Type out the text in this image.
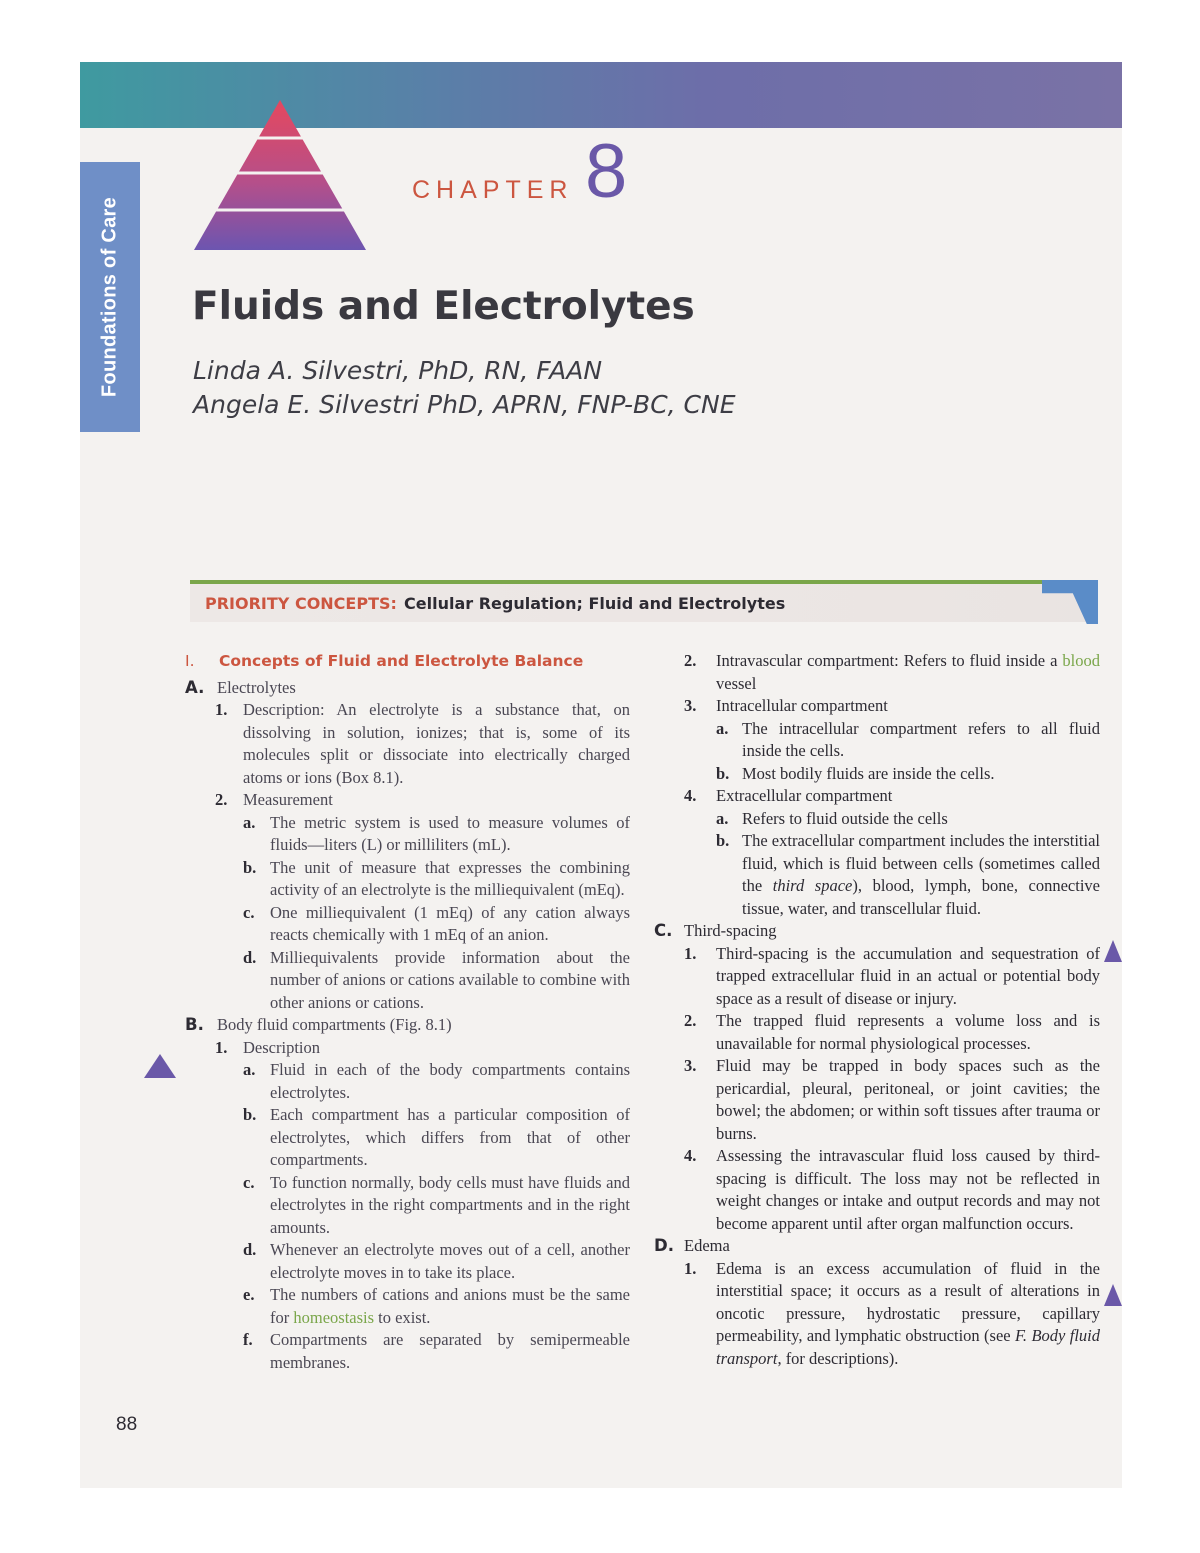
Foundations of Care
CHAPTER 8
Fluids and Electrolytes
Linda A. Silvestri, PhD, RN, FAAN
Angela E. Silvestri PhD, APRN, FNP-BC, CNE
PRIORITY CONCEPTS: Cellular Regulation; Fluid and Electrolytes
I.	Concepts of Fluid and Electrolyte Balance
A. Electrolytes
1. Description: An electrolyte is a substance that, on dissolving in solution, ionizes; that is, some of its molecules split or dissociate into electrically charged atoms or ions (Box 8.1).
2. Measurement
a. The metric system is used to measure volumes of fluids—liters (L) or milliliters (mL).
b. The unit of measure that expresses the combining activity of an electrolyte is the milliequivalent (mEq).
c. One milliequivalent (1 mEq) of any cation always reacts chemically with 1 mEq of an anion.
d. Milliequivalents provide information about the number of anions or cations available to combine with other anions or cations.
B. Body fluid compartments (Fig. 8.1)
1. Description
a. Fluid in each of the body compartments contains electrolytes.
b. Each compartment has a particular composition of electrolytes, which differs from that of other compartments.
c. To function normally, body cells must have fluids and electrolytes in the right compartments and in the right amounts.
d. Whenever an electrolyte moves out of a cell, another electrolyte moves in to take its place.
e. The numbers of cations and anions must be the same for homeostasis to exist.
f.	Compartments are separated by semipermeable membranes.
2.	Intravascular compartment: Refers to fluid inside a blood vessel
3.	Intracellular compartment
a. The intracellular compartment refers to all fluid inside the cells.
b. Most bodily fluids are inside the cells.
4.	Extracellular compartment
a. Refers to fluid outside the cells
b. The extracellular compartment includes the interstitial fluid, which is fluid between cells (sometimes called the third space), blood, lymph, bone, connective tissue, water, and transcellular fluid.
C. Third-spacing
1.	Third-spacing is the accumulation and sequestration of trapped extracellular fluid in an actual or potential body space as a result of disease or injury.
2.	The trapped fluid represents a volume loss and is unavailable for normal physiological processes.
3.	Fluid may be trapped in body spaces such as the pericardial, pleural, peritoneal, or joint cavities; the bowel; the abdomen; or within soft tissues after trauma or burns.
4.	Assessing the intravascular fluid loss caused by third-spacing is difficult. The loss may not be reflected in weight changes or intake and output records and may not become apparent until after organ malfunction occurs.
D. Edema
1.	Edema is an excess accumulation of fluid in the interstitial space; it occurs as a result of alterations in oncotic pressure, hydrostatic pressure, capillary permeability, and lymphatic obstruction (see F. Body fluid transport, for descriptions).
88
